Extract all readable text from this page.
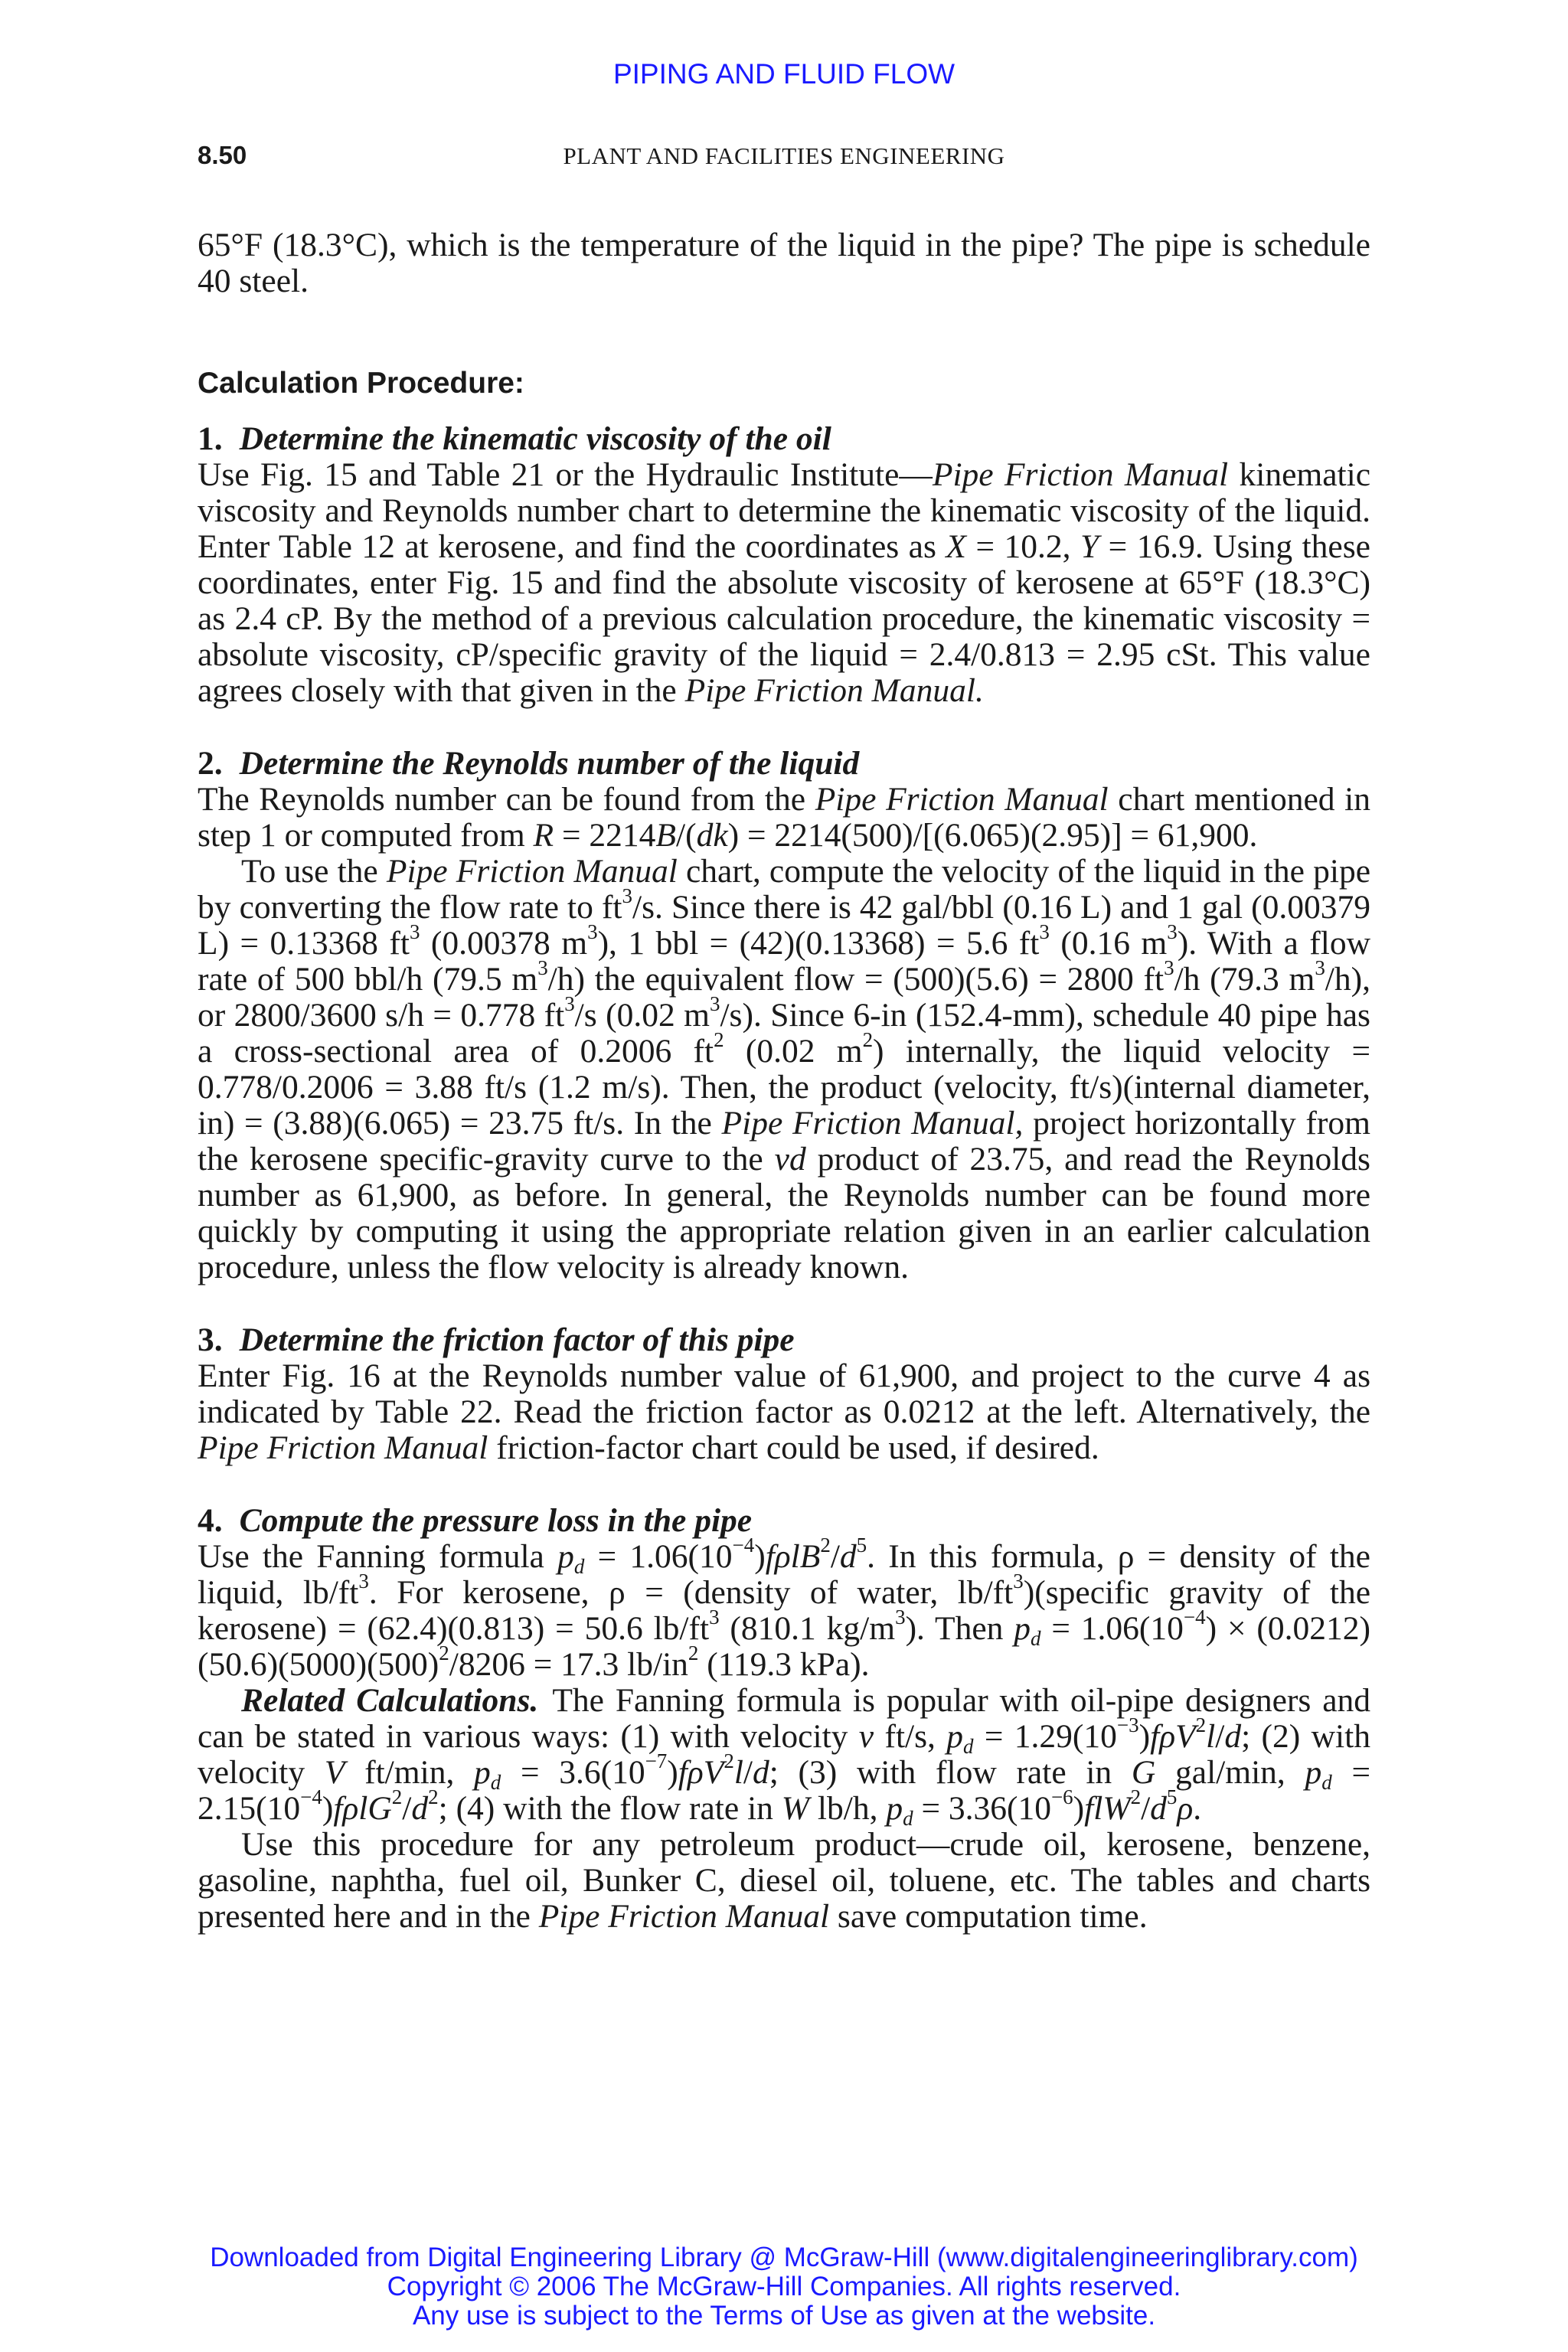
PIPING AND FLUID FLOW
8.50	PLANT AND FACILITIES ENGINEERING

65°F (18.3°C), which is the temperature of the liquid in the pipe? The pipe is schedule 40 steel.

Calculation Procedure:

1. Determine the kinematic viscosity of the oil

Use Fig. 15 and Table 21 or the Hydraulic Institute—Pipe Friction Manual kinematic viscosity and Reynolds number chart to determine the kinematic viscosity of the liquid. Enter Table 12 at kerosene, and find the coordinates as X = 10.2, Y = 16.9. Using these coordinates, enter Fig. 15 and find the absolute viscosity of kerosene at 65°F (18.3°C) as 2.4 cP. By the method of a previous calculation procedure, the kinematic viscosity = absolute viscosity, cP/specific gravity of the liquid = 2.4/0.813 = 2.95 cSt. This value agrees closely with that given in the Pipe Friction Manual.

2. Determine the Reynolds number of the liquid

The Reynolds number can be found from the Pipe Friction Manual chart mentioned in step 1 or computed from R = 2214B/(dk) = 2214(500)/[(6.065)(2.95)] = 61,900.

To use the Pipe Friction Manual chart, compute the velocity of the liquid in the pipe by converting the flow rate to $ft^3/s$. Since there is 42 gal/bbl (0.16 L) and 1 gal (0.00379 L) = 0.13368 $ft^3$ (0.00378 $m^3$), 1 bbl = (42)(0.13368) = 5.6 $ft^3$ (0.16 $m^3$). With a flow rate of 500 bbl/h (79.5 $m^3/h$) the equivalent flow = (500)(5.6) = 2800 $ft^3/h$ (79.3 $m^3/h$), or 2800/3600 s/h = 0.778 $ft^3/s$ (0.02 $m^3/s$). Since 6-in (152.4-mm), schedule 40 pipe has a cross-sectional area of 0.2006 $ft^2$ (0.02 $m^2$) internally, the liquid velocity = 0.778/0.2006 = 3.88 ft/s (1.2 m/s). Then, the product (velocity, ft/s)(internal diameter, in) = (3.88)(6.065) = 23.75 ft/s. In the Pipe Friction Manual, project horizontally from the kerosene specific-gravity curve to the vd product of 23.75, and read the Reynolds number as 61,900, as before. In general, the Reynolds number can be found more quickly by computing it using the appropriate relation given in an earlier calculation procedure, unless the flow velocity is already known.

3. Determine the friction factor of this pipe

Enter Fig. 16 at the Reynolds number value of 61,900, and project to the curve 4 as indicated by Table 22. Read the friction factor as 0.0212 at the left. Alternatively, the Pipe Friction Manual friction-factor chart could be used, if desired.

4. Compute the pressure loss in the pipe

Use the Fanning formula $p_d = 1.06(10^{-4})f\rho lB^2/d^5$. In this formula, ρ = density of the liquid, $lb/ft^3$. For kerosene, ρ = (density of water, $lb/ft^3)(specific$ gravity of the kerosene) = (62.4)(0.813) = 50.6 $lb/ft^3$ (810.1 $kg/m^3$). Then $p_d = 1.06(10^{-4}) \times (0.0212)(50.6)(5000)(500)^2/8206 = 17.3$ $lb/in^2$ (119.3 kPa).

Related Calculations. The Fanning formula is popular with oil-pipe designers and can be stated in various ways: (1) with velocity v ft/s, $p_d = 1.29(10^{-3})f\rho V^2l/d$; (2) with velocity V ft/min, $p_d = 3.6(10^{-7})f\rho V^2l/d$; (3) with flow rate in G gal/min, $p_d = 2.15(10^{-4})f\rho lG^2/d^2$; (4) with the flow rate in W lb/h, $p_d = 3.36(10^{-6})flW^2/d^5\rho$.

Use this procedure for any petroleum product—crude oil, kerosene, benzene, gasoline, naphtha, fuel oil, Bunker C, diesel oil, toluene, etc. The tables and charts presented here and in the Pipe Friction Manual save computation time.

Downloaded from Digital Engineering Library @ McGraw-Hill (www.digitalengineeringlibrary.com)
Copyright © 2006 The McGraw-Hill Companies. All rights reserved.
Any use is subject to the Terms of Use as given at the website.
